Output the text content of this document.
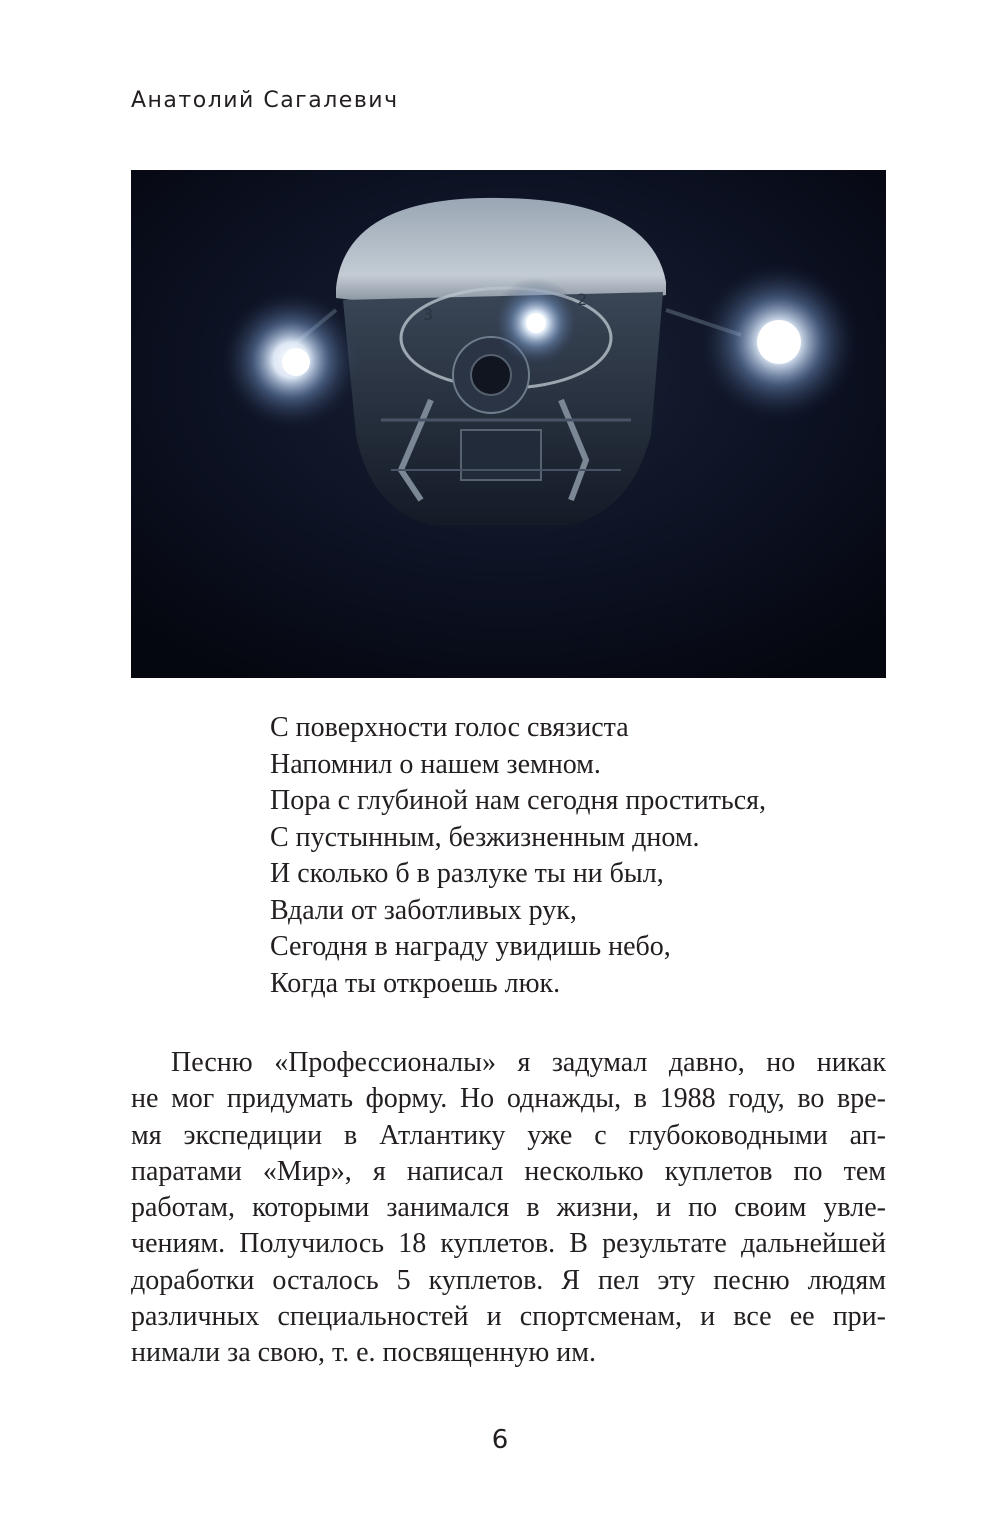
Анатолий Сагалевич
3
2
С поверхности голос связиста
Напомнил о нашем земном.
Пора с глубиной нам сегодня проститься,
С пустынным, безжизненным дном.
И сколько б в разлуке ты ни был,
Вдали от заботливых рук,
Сегодня в награду увидишь небо,
Когда ты откроешь люк.
Песню «Профессионалы» я задумал давно, но никак
не мог придумать форму. Но однажды, в 1988 году, во вре-
мя экспедиции в Атлантику уже с глубоководными ап-
паратами «Мир», я написал несколько куплетов по тем
работам, которыми занимался в жизни, и по своим увле-
чениям. Получилось 18 куплетов. В результате дальнейшей
доработки осталось 5 куплетов. Я пел эту песню людям
различных специальностей и спортсменам, и все ее при-
нимали за свою, т. е. посвященную им.
6
